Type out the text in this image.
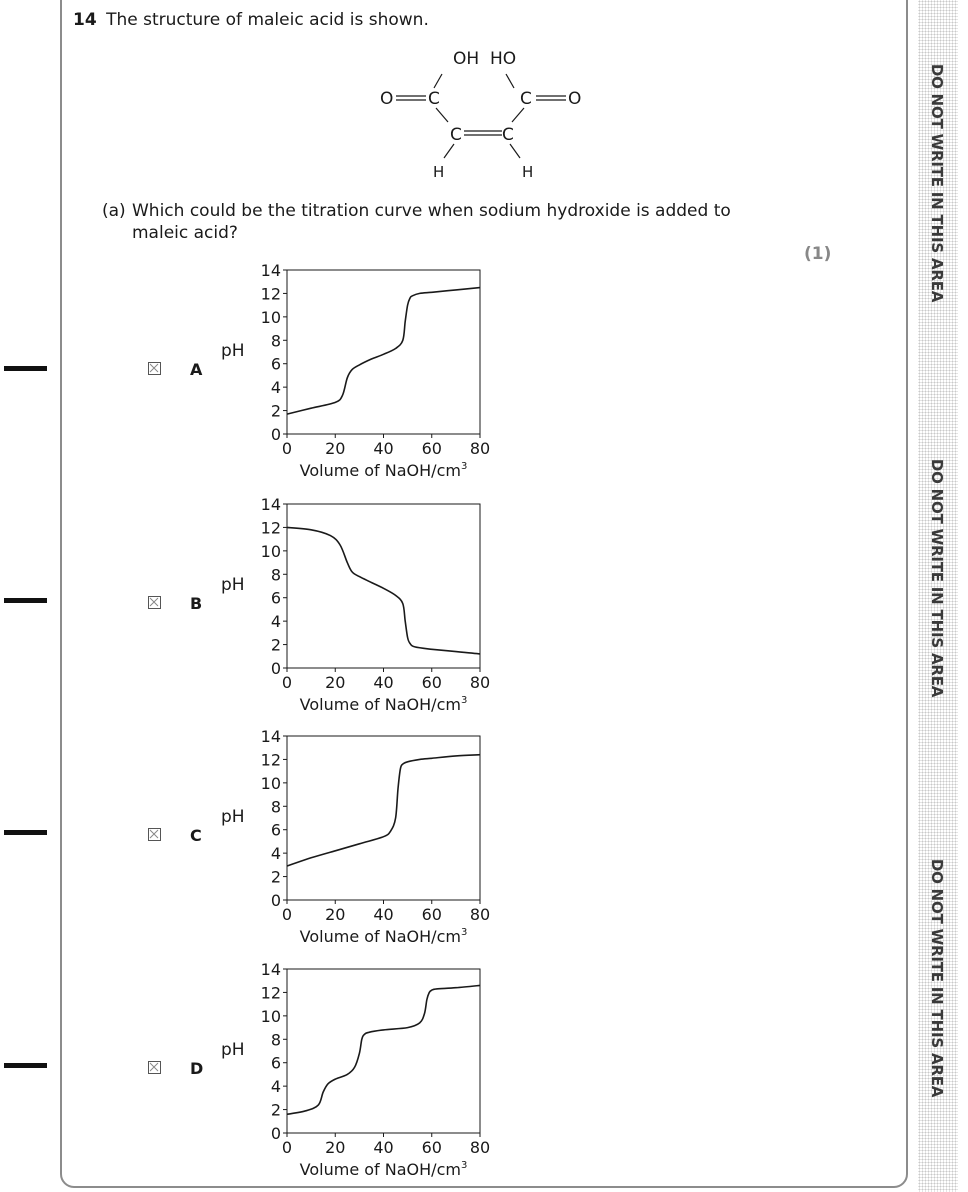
DO NOT WRITE IN THIS AREA
DO NOT WRITE IN THIS AREA
DO NOT WRITE IN THIS AREA
14 The structure of maleic acid is shown.
OH HO
O C	C O
C C
H	H
(a) Which could be the titration curve when sodium hydroxide is added to maleic acid?
(1)
A
pH
0
2
4
6
8
10
12
14
0 20 40 60 80
Volume of NaOH/$cm^3$
B
pH
0
2
4
6
8
10
12
14
0 20 40 60 80
Volume of NaOH/$cm^3$
C
pH
0
2
4
6
8
10
12
14
0 20 40 60 80
Volume of NaOH/$cm^3$
D
pH
0
2
4
6
8
10
12
14
0 20 40 60 80
Volume of NaOH/$cm^3$
